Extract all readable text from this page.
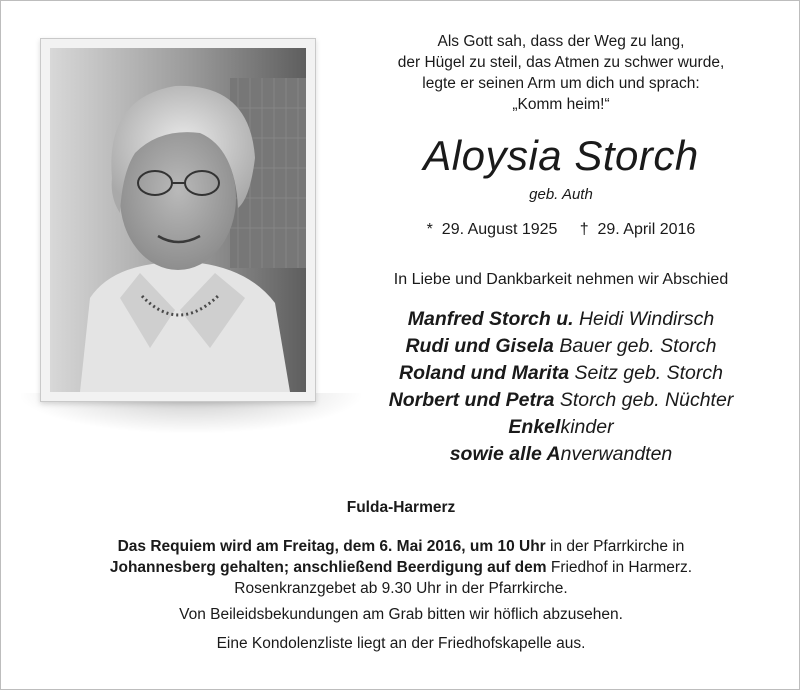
Als Gott sah, dass der Weg zu lang,
der Hügel zu steil, das Atmen zu schwer wurde,
legte er seinen Arm um dich und sprach:
„Komm heim!“
Aloysia Storch
geb. Auth
*  29. August 1925 †  29. April 2016
In Liebe und Dankbarkeit nehmen wir Abschied
Manfred Storch u. Heidi Windirsch
Rudi und Gisela Bauer geb. Storch
Roland und Marita Seitz geb. Storch
Norbert und Petra Storch geb. Nüchter
Enkelkinder
sowie alle Anverwandten
Fulda-Harmerz
Das Requiem wird am Freitag, dem 6. Mai 2016, um 10 Uhr in der Pfarrkirche in
Johannesberg gehalten; anschließend Beerdigung auf dem Friedhof in Harmerz.
Rosenkranzgebet ab 9.30 Uhr in der Pfarrkirche.
Von Beileidsbekundungen am Grab bitten wir höflich abzusehen.
Eine Kondolenzliste liegt an der Friedhofskapelle aus.
